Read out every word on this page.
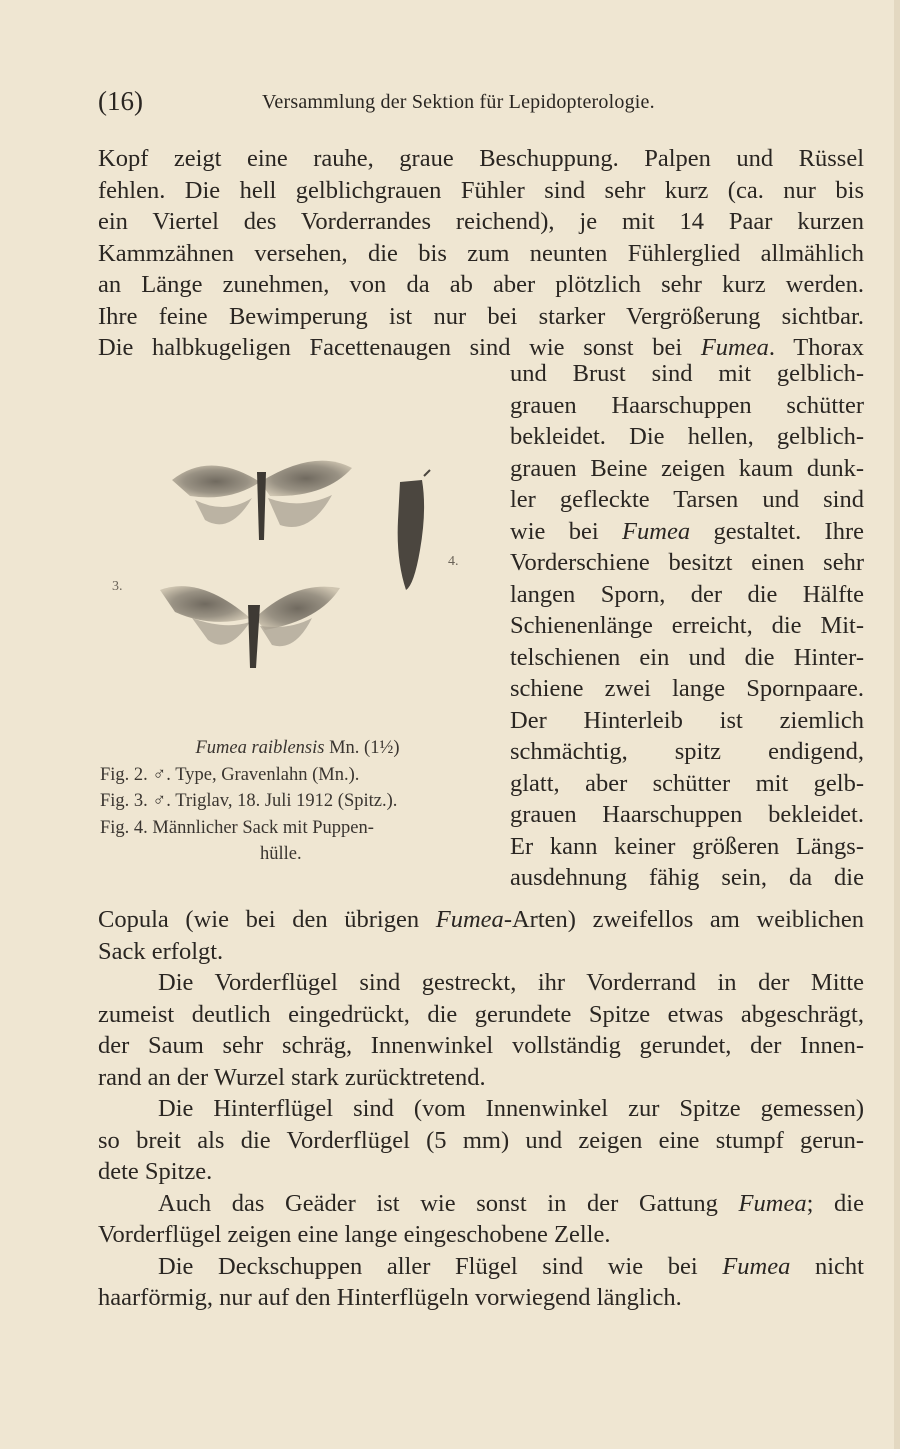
(16)	Versammlung der Sektion für Lepidopterologie.
Kopf zeigt eine rauhe, graue Beschuppung. Palpen und Rüssel
fehlen. Die hell gelblichgrauen Fühler sind sehr kurz (ca. nur bis
ein Viertel des Vorderrandes reichend), je mit 14 Paar kurzen
Kammzähnen versehen, die bis zum neunten Fühlerglied allmählich
an Länge zunehmen, von da ab aber plötzlich sehr kurz werden.
Ihre feine Bewimperung ist nur bei starker Vergrößerung sichtbar.
Die halbkugeligen Facettenaugen sind wie sonst bei Fumea. Thorax
3.
4.
Fumea raiblensis Mn. (1½)
Fig. 2. ♂. Type, Gravenlahn (Mn.).
Fig. 3. ♂. Triglav, 18. Juli 1912 (Spitz.).
Fig. 4. Männlicher Sack mit Puppen-
hülle.
und Brust sind mit gelblich-
grauen Haarschuppen schütter
bekleidet. Die hellen, gelblich-
grauen Beine zeigen kaum dunk-
ler gefleckte Tarsen und sind
wie bei Fumea gestaltet. Ihre
Vorderschiene besitzt einen sehr
langen Sporn, der die Hälfte
Schienenlänge erreicht, die Mit-
telschienen ein und die Hinter-
schiene zwei lange Spornpaare.
Der Hinterleib ist ziemlich
schmächtig, spitz endigend,
glatt, aber schütter mit gelb-
grauen Haarschuppen bekleidet.
Er kann keiner größeren Längs-
ausdehnung fähig sein, da die
Copula (wie bei den übrigen Fumea-Arten) zweifellos am weiblichen
Sack erfolgt.
Die Vorderflügel sind gestreckt, ihr Vorderrand in der Mitte
zumeist deutlich eingedrückt, die gerundete Spitze etwas abgeschrägt,
der Saum sehr schräg, Innenwinkel vollständig gerundet, der Innen-
rand an der Wurzel stark zurücktretend.
Die Hinterflügel sind (vom Innenwinkel zur Spitze gemessen)
so breit als die Vorderflügel (5 mm) und zeigen eine stumpf gerun-
dete Spitze.
Auch das Geäder ist wie sonst in der Gattung Fumea; die
Vorderflügel zeigen eine lange eingeschobene Zelle.
Die Deckschuppen aller Flügel sind wie bei Fumea nicht
haarförmig, nur auf den Hinterflügeln vorwiegend länglich.
